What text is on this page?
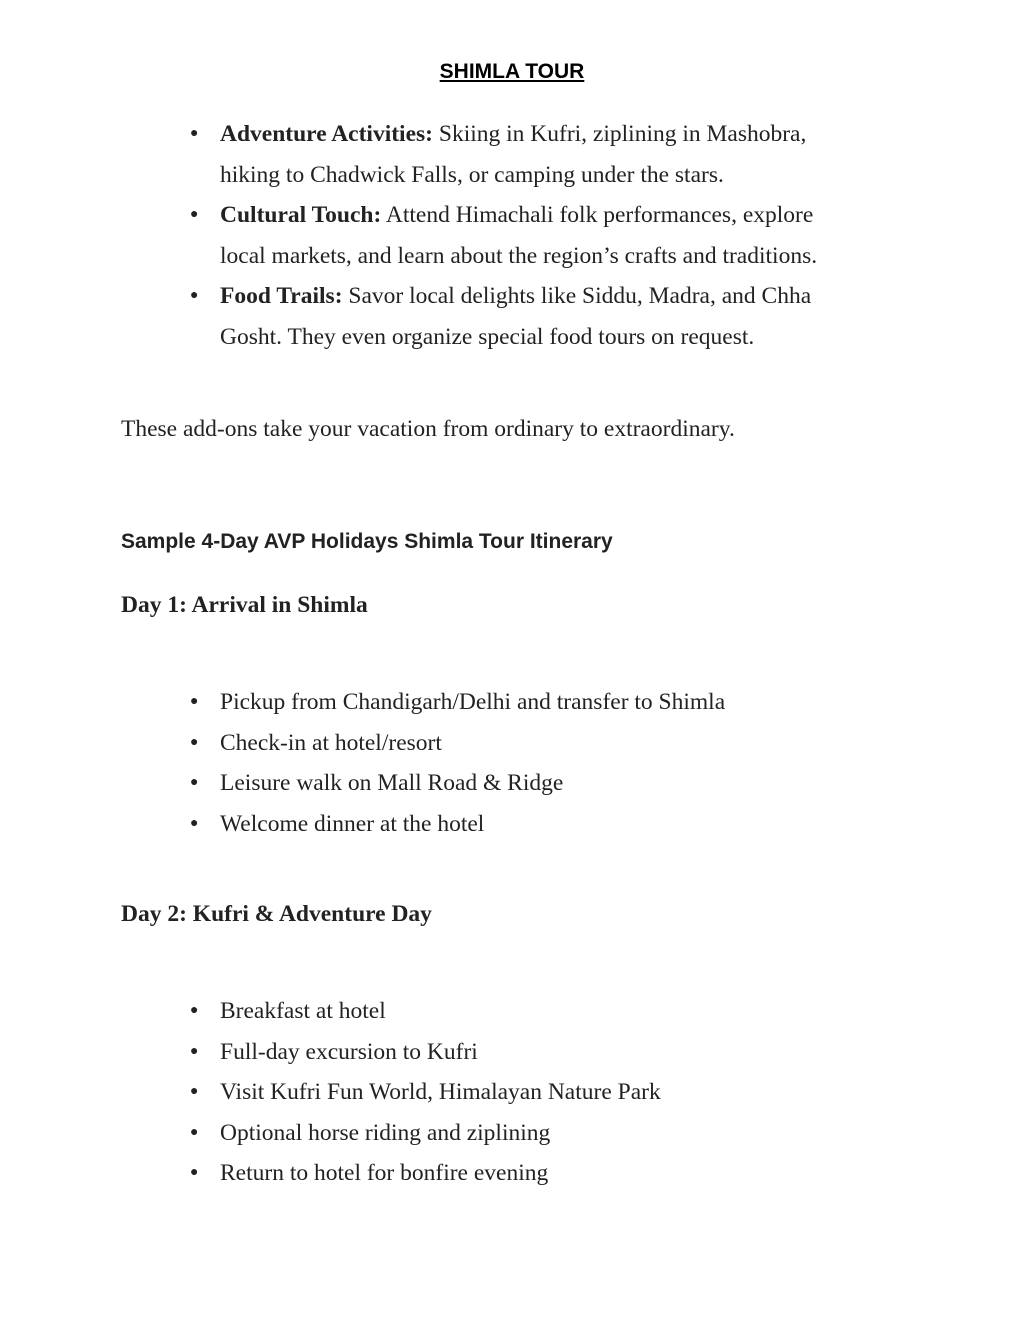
SHIMLA TOUR
● Adventure Activities: Skiing in Kufri, ziplining in Mashobra,
hiking to Chadwick Falls, or camping under the stars.
● Cultural Touch: Attend Himachali folk performances, explore
local markets, and learn about the region’s crafts and traditions.
● Food Trails: Savor local delights like Siddu, Madra, and Chha
Gosht. They even organize special food tours on request.

These add-ons take your vacation from ordinary to extraordinary.

Sample 4-Day AVP Holidays Shimla Tour Itinerary
Day 1: Arrival in Shimla
● Pickup from Chandigarh/Delhi and transfer to Shimla
● Check-in at hotel/resort
● Leisure walk on Mall Road & Ridge
● Welcome dinner at the hotel
Day 2: Kufri & Adventure Day
● Breakfast at hotel
● Full-day excursion to Kufri
● Visit Kufri Fun World, Himalayan Nature Park
● Optional horse riding and ziplining
● Return to hotel for bonfire evening
